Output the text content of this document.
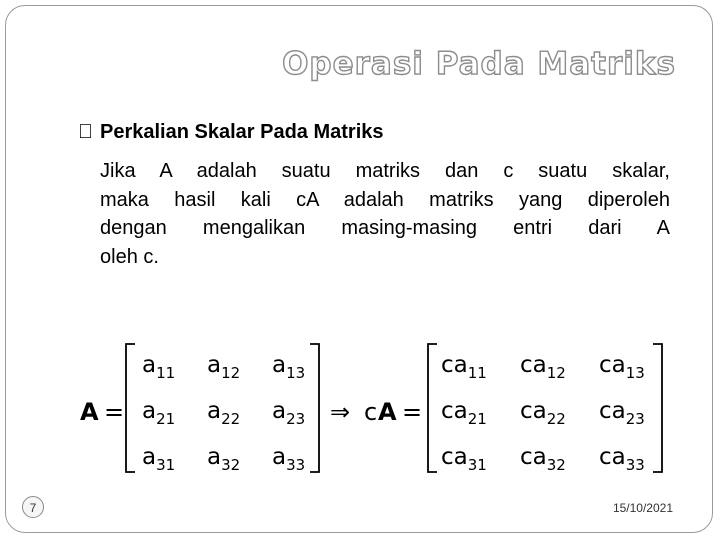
Operasi Pada Matriks
Perkalian Skalar Pada Matriks
Jika A adalah suatu matriks dan c suatu skalar,
maka hasil kali cA adalah matriks yang diperoleh
dengan mengalikan masing-masing entri dari A
oleh c.
A =
$a_{11}$ $a_{12}$ $a_{13}$
$a_{21}$ $a_{22}$ $a_{23}$
$a_{31}$ $a_{32}$ $a_{33}$
⇒ c A =
$ca_{11}$ $ca_{12}$ $ca_{13}$
$ca_{21}$ $ca_{22}$ $ca_{23}$
$ca_{31}$ $ca_{32}$ $ca_{33}$
7	15/10/2021
